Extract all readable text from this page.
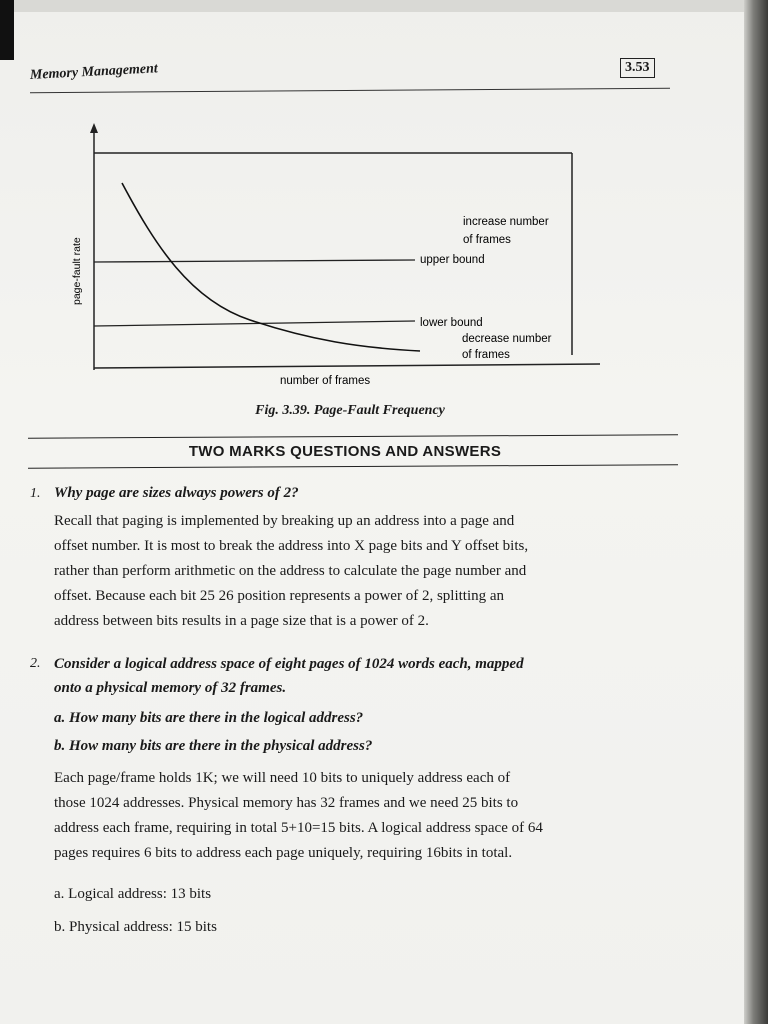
Memory Management	3.53
increase number
of frames
upper bound
lower bound
decrease number
of frames
number of frames
page-fault rate
Fig. 3.39. Page-Fault Frequency
TWO MARKS QUESTIONS AND ANSWERS
1. Why page are sizes always powers of 2?
Recall that paging is implemented by breaking up an address into a page and
offset number. It is most to break the address into X page bits and Y offset bits,
rather than perform arithmetic on the address to calculate the page number and
offset. Because each bit 25 26 position represents a power of 2, splitting an
address between bits results in a page size that is a power of 2.
2. Consider a logical address space of eight pages of 1024 words each, mapped
onto a physical memory of 32 frames.
a. How many bits are there in the logical address?
b. How many bits are there in the physical address?
Each page/frame holds 1K; we will need 10 bits to uniquely address each of
those 1024 addresses. Physical memory has 32 frames and we need 25 bits to
address each frame, requiring in total 5+10=15 bits. A logical address space of 64
pages requires 6 bits to address each page uniquely, requiring 16bits in total.
a. Logical address: 13 bits
b. Physical address: 15 bits
